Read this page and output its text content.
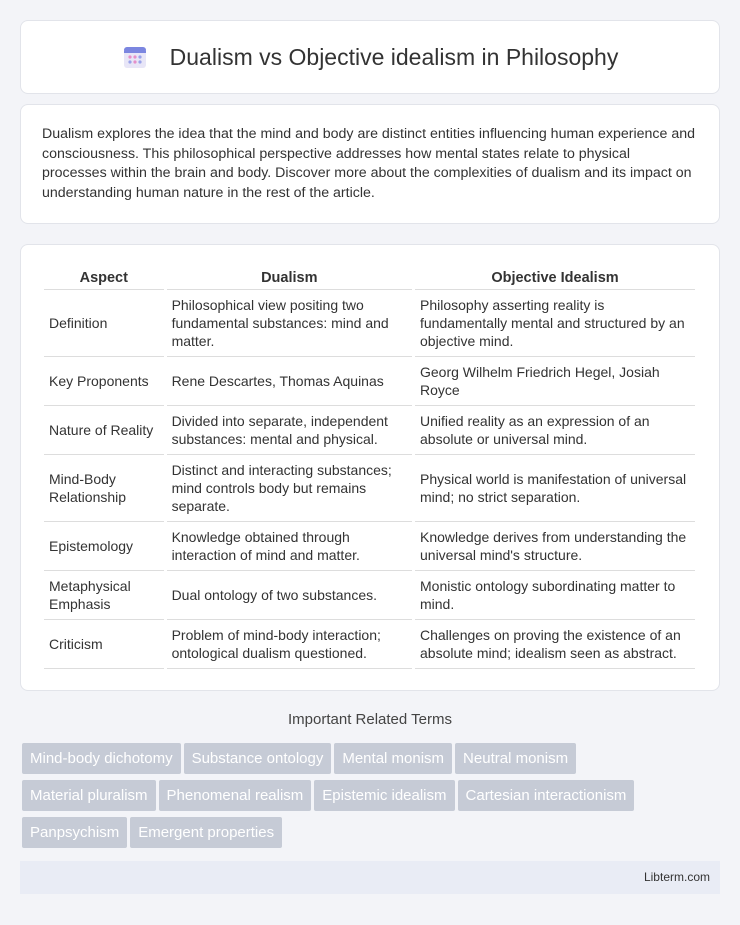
Dualism vs Objective idealism in Philosophy

Dualism explores the idea that the mind and body are distinct entities influencing human experience and consciousness. This philosophical perspective addresses how mental states relate to physical processes within the brain and body. Discover more about the complexities of dualism and its impact on understanding human nature in the rest of the article.

Aspect	Dualism	Objective Idealism
Definition	Philosophical view positing two fundamental substances: mind and matter.	Philosophy asserting reality is fundamentally mental and structured by an objective mind.
Key Proponents	Rene Descartes, Thomas Aquinas	Georg Wilhelm Friedrich Hegel, Josiah Royce
Nature of Reality	Divided into separate, independent substances: mental and physical.	Unified reality as an expression of an absolute or universal mind.
Mind-Body Relationship	Distinct and interacting substances; mind controls body but remains separate.	Physical world is manifestation of universal mind; no strict separation.
Epistemology	Knowledge obtained through interaction of mind and matter.	Knowledge derives from understanding the universal mind's structure.
Metaphysical Emphasis	Dual ontology of two substances.	Monistic ontology subordinating matter to mind.
Criticism	Problem of mind-body interaction; ontological dualism questioned.	Challenges on proving the existence of an absolute mind; idealism seen as abstract.
Important Related Terms
Mind-body dichotomy Substance ontology Mental monism Neutral monism
Material pluralism Phenomenal realism Epistemic idealism Cartesian interactionism
Panpsychism Emergent properties
Libterm.com
